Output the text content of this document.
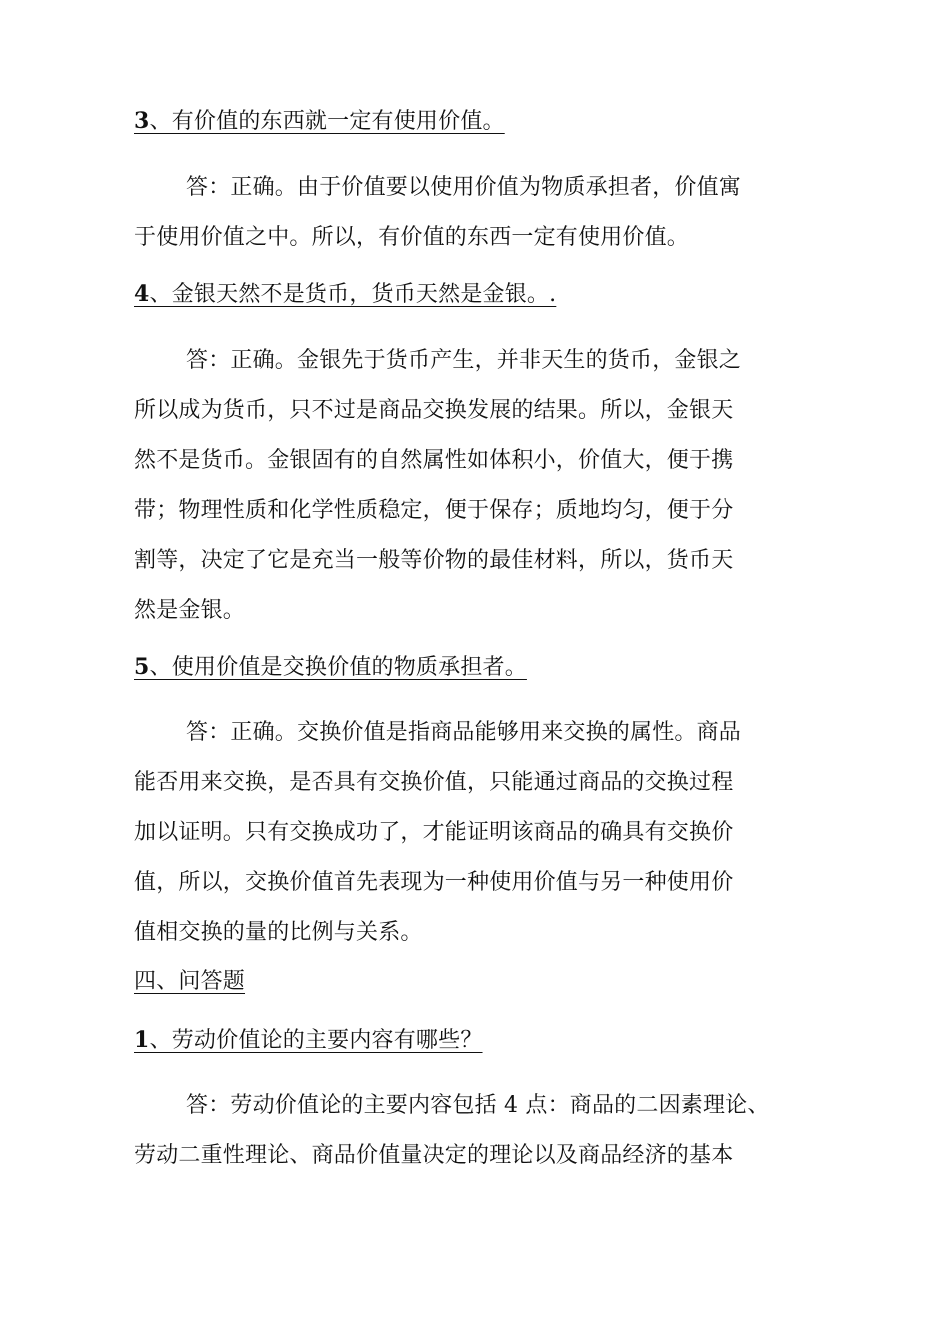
3、有价值的东西就一定有使用价值。
答：正确。由于价值要以使用价值为物质承担者，价值寓
于使用价值之中。所以，有价值的东西一定有使用价值。
4、金银天然不是货币，货币天然是金银。.
答：正确。金银先于货币产生，并非天生的货币，金银之
所以成为货币，只不过是商品交换发展的结果。所以，金银天
然不是货币。金银固有的自然属性如体积小，价值大，便于携
带；物理性质和化学性质稳定，便于保存；质地均匀，便于分
割等，决定了它是充当一般等价物的最佳材料，所以，货币天
然是金银。
5、使用价值是交换价值的物质承担者。
答：正确。交换价值是指商品能够用来交换的属性。商品
能否用来交换，是否具有交换价值，只能通过商品的交换过程
加以证明。只有交换成功了，才能证明该商品的确具有交换价
值，所以，交换价值首先表现为一种使用价值与另一种使用价
值相交换的量的比例与关系。
四、问答题
1、劳动价值论的主要内容有哪些？
答：劳动价值论的主要内容包括 4 点：商品的二因素理论、
劳动二重性理论、商品价值量决定的理论以及商品经济的基本
